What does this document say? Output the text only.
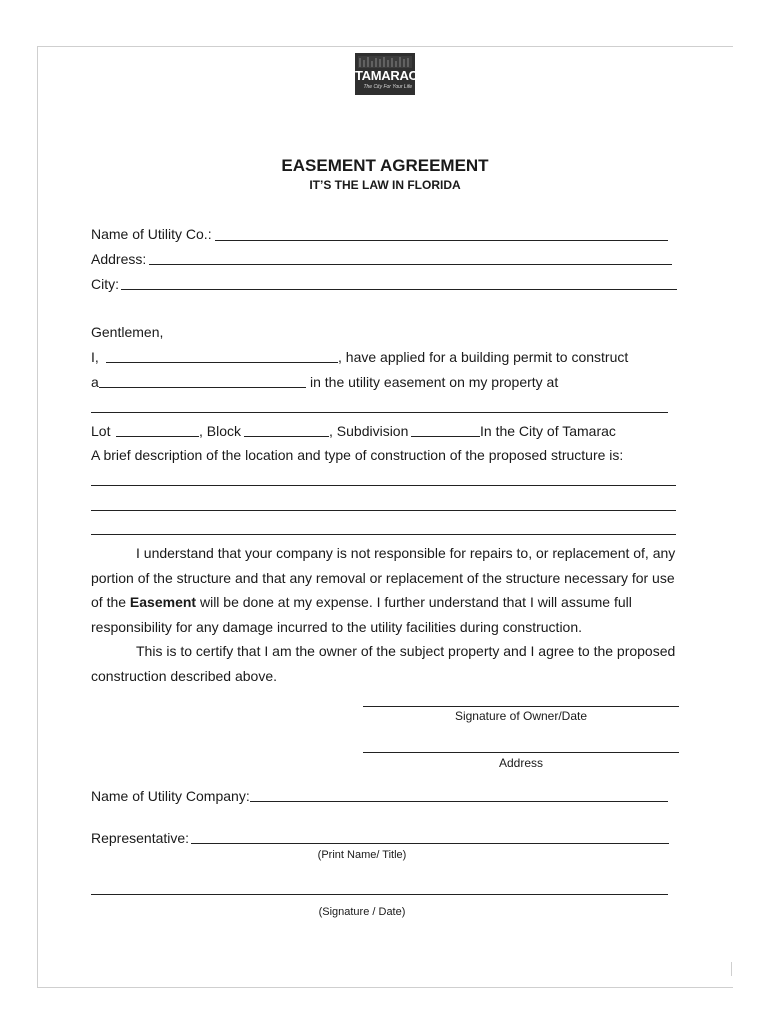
TAMARAC
The City For Your Life
EASEMENT AGREEMENT
IT’S THE LAW IN FLORIDA
Name of Utility Co.:
Address:
City:
Gentlemen,
I,	, have applied for a building permit to construct
a	in the utility easement on my property at
Lot	, Block	, Subdivision	In the City of Tamarac
A brief description of the location and type of construction of the proposed structure is:
I understand that your company is not responsible for repairs to, or replacement of, any
portion of the structure and that any removal or replacement of the structure necessary for use
of the Easement will be done at my expense. I further understand that I will assume full
responsibility for any damage incurred to the utility facilities during construction.
This is to certify that I am the owner of the subject property and I agree to the proposed
construction described above.
Signature of Owner/Date
Address
Name of Utility Company:
Representative:
(Print Name/ Title)
(Signature / Date)
